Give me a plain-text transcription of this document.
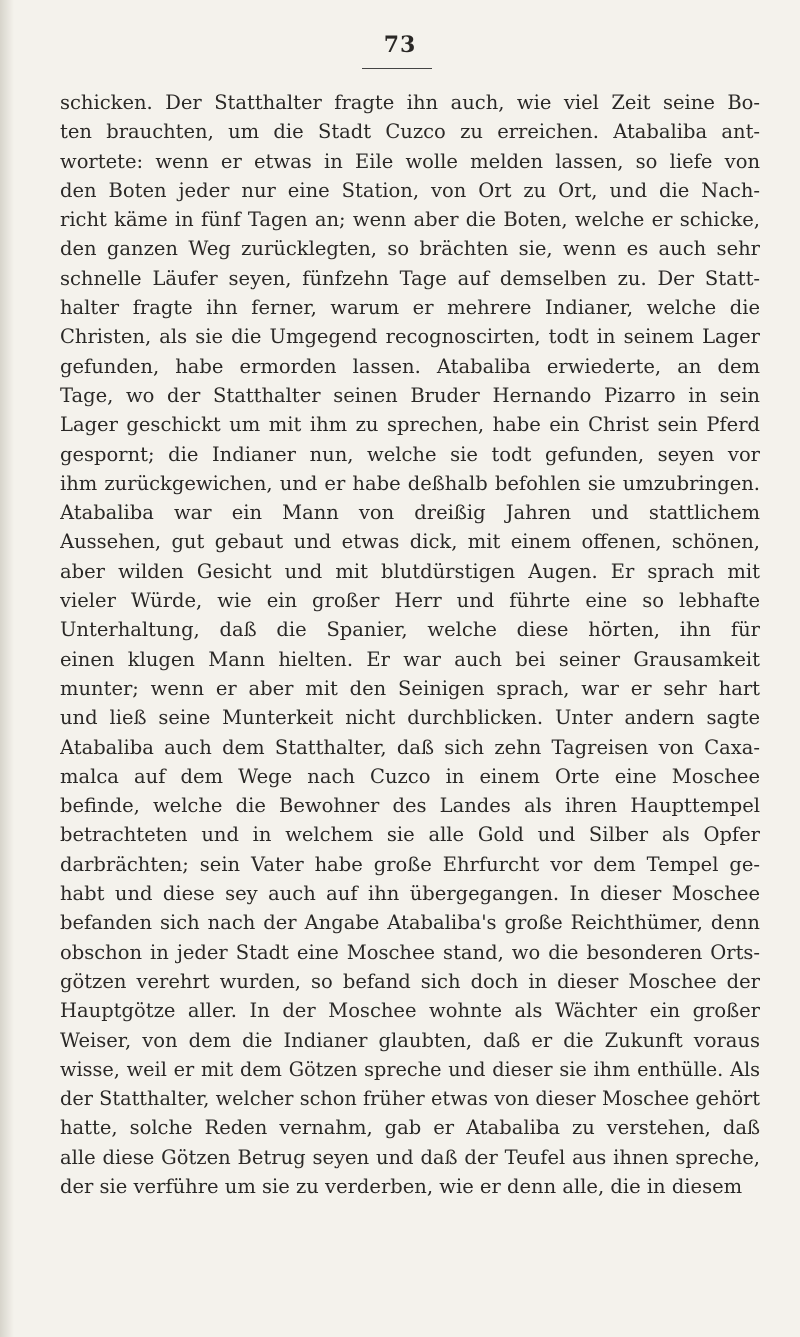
73
schicken. Der Statthalter fragte ihn auch, wie viel Zeit seine Bo-
ten brauchten, um die Stadt Cuzco zu erreichen. Atabaliba ant-
wortete: wenn er etwas in Eile wolle melden lassen, so liefe von
den Boten jeder nur eine Station, von Ort zu Ort, und die Nach-
richt käme in fünf Tagen an; wenn aber die Boten, welche er schicke,
den ganzen Weg zurücklegten, so brächten sie, wenn es auch sehr
schnelle Läufer seyen, fünfzehn Tage auf demselben zu. Der Statt-
halter fragte ihn ferner, warum er mehrere Indianer, welche die
Christen, als sie die Umgegend recognoscirten, todt in seinem Lager
gefunden, habe ermorden lassen. Atabaliba erwiederte, an dem
Tage, wo der Statthalter seinen Bruder Hernando Pizarro in sein
Lager geschickt um mit ihm zu sprechen, habe ein Christ sein Pferd
gespornt; die Indianer nun, welche sie todt gefunden, seyen vor
ihm zurückgewichen, und er habe deßhalb befohlen sie umzubringen.
Atabaliba war ein Mann von dreißig Jahren und stattlichem
Aussehen, gut gebaut und etwas dick, mit einem offenen, schönen,
aber wilden Gesicht und mit blutdürstigen Augen. Er sprach mit
vieler Würde, wie ein großer Herr und führte eine so lebhafte
Unterhaltung, daß die Spanier, welche diese hörten, ihn für
einen klugen Mann hielten. Er war auch bei seiner Grausamkeit
munter; wenn er aber mit den Seinigen sprach, war er sehr hart
und ließ seine Munterkeit nicht durchblicken. Unter andern sagte
Atabaliba auch dem Statthalter, daß sich zehn Tagreisen von Caxa-
malca auf dem Wege nach Cuzco in einem Orte eine Moschee
befinde, welche die Bewohner des Landes als ihren Haupttempel
betrachteten und in welchem sie alle Gold und Silber als Opfer
darbrächten; sein Vater habe große Ehrfurcht vor dem Tempel ge-
habt und diese sey auch auf ihn übergegangen. In dieser Moschee
befanden sich nach der Angabe Atabaliba's große Reichthümer, denn
obschon in jeder Stadt eine Moschee stand, wo die besonderen Orts-
götzen verehrt wurden, so befand sich doch in dieser Moschee der
Hauptgötze aller. In der Moschee wohnte als Wächter ein großer
Weiser, von dem die Indianer glaubten, daß er die Zukunft voraus
wisse, weil er mit dem Götzen spreche und dieser sie ihm enthülle. Als
der Statthalter, welcher schon früher etwas von dieser Moschee gehört
hatte, solche Reden vernahm, gab er Atabaliba zu verstehen, daß
alle diese Götzen Betrug seyen und daß der Teufel aus ihnen spreche,
der sie verführe um sie zu verderben, wie er denn alle, die in diesem
